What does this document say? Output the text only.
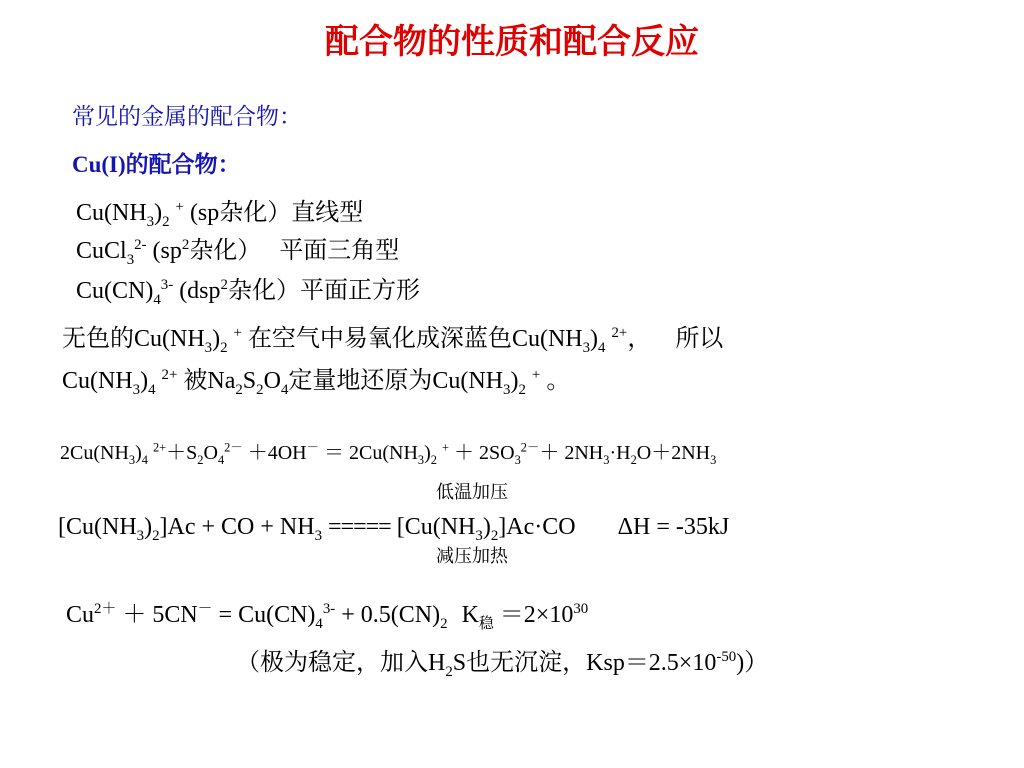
配合物的性质和配合反应
常见的金属的配合物：
Cu(I)的配合物：
$Cu(NH_3)_2$ + (sp杂化）直线型
CuCl$_3^{2-}$ ($sp^2$杂化） 平面三角型
$Cu(CN)_4^{3-}$ (dsp$^2$杂化）平面正方形
无色的$Cu(NH_3)_2$ + 在空气中易氧化成深蓝色$Cu(NH_3)_4$ $^{2+}$， 所以
$Cu(NH_3)_4$ $^{2+}$ 被$Na_2S_2O_4$定量地还原为$Cu(NH_3)_2$ + 。
$2Cu(NH_3)_4$ $^{2+}+S_2O_4^{2-} +4OH^- = 2Cu(NH_3)_2$ $^+ + 2SO_3^{2-}+ 2NH_3\cdot H_2O+2NH_3$
低温加压
$[Cu(NH_3)_2]Ac$ + CO + $NH_3$ ===== $[Cu(NH_3)_2]Ac\cdot CO$ ΔH = -35kJ
减压加热
$Cu^{2+} + 5CN^- = Cu(CN)_4^{3-} + 0.5(CN)_2$ $K_稳 =2\times 10^{30}$
（极为稳定，加入$H_2S$也无沉淀，$Ksp=2.5\times 10^{-50}$)）
